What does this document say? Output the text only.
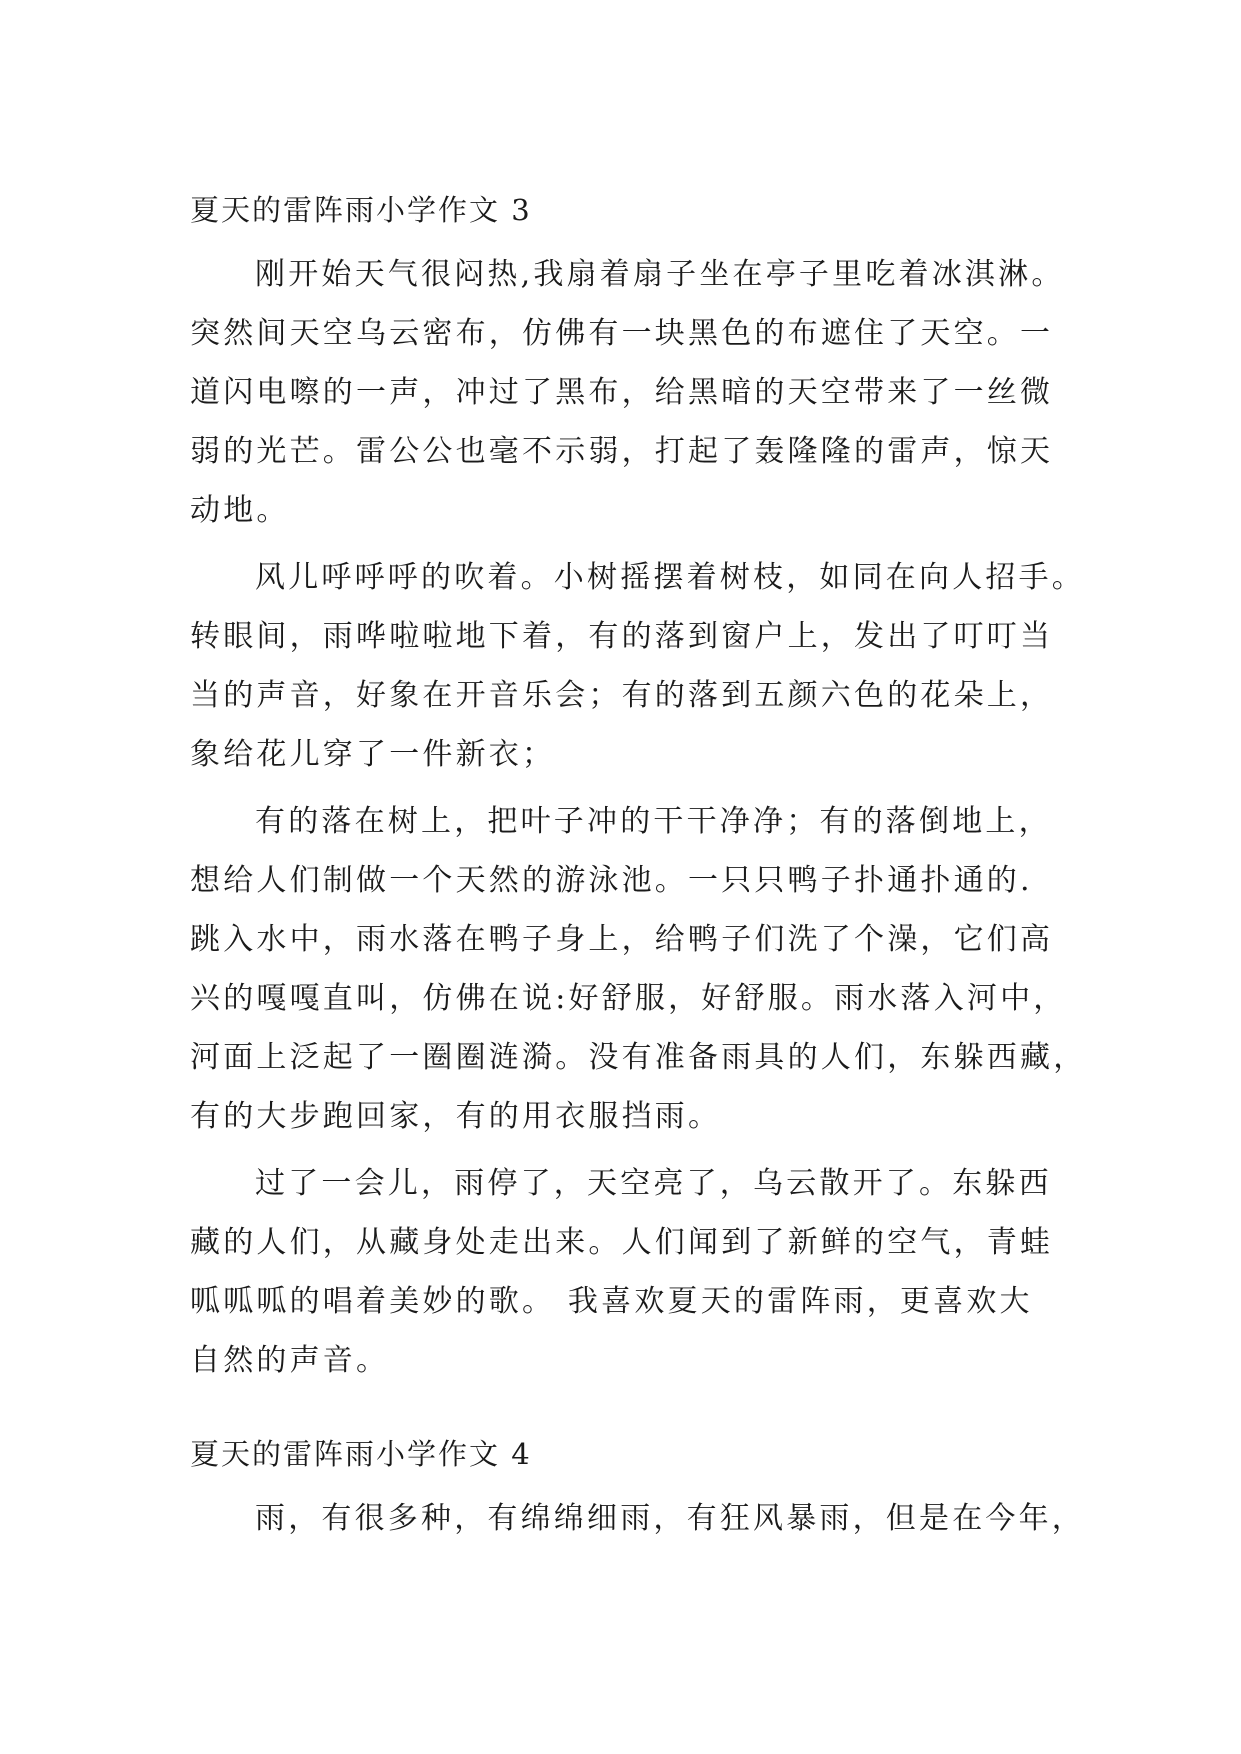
夏天的雷阵雨小学作文 3
刚开始天气很闷热,我扇着扇子坐在亭子里吃着冰淇淋。
突然间天空乌云密布，仿佛有一块黑色的布遮住了天空。一
道闪电嚓的一声，冲过了黑布，给黑暗的天空带来了一丝微
弱的光芒。雷公公也毫不示弱，打起了轰隆隆的雷声，惊天
动地。
风儿呼呼呼的吹着。小树摇摆着树枝，如同在向人招手。
转眼间，雨哗啦啦地下着，有的落到窗户上，发出了叮叮当
当的声音，好象在开音乐会；有的落到五颜六色的花朵上，
象给花儿穿了一件新衣；
有的落在树上，把叶子冲的干干净净；有的落倒地上，
想给人们制做一个天然的游泳池。一只只鸭子扑通扑通的.
跳入水中，雨水落在鸭子身上，给鸭子们洗了个澡，它们高
兴的嘎嘎直叫，仿佛在说:好舒服，好舒服。雨水落入河中，
河面上泛起了一圈圈涟漪。没有准备雨具的人们，东躲西藏，
有的大步跑回家，有的用衣服挡雨。
过了一会儿，雨停了，天空亮了，乌云散开了。东躲西
藏的人们，从藏身处走出来。人们闻到了新鲜的空气，青蛙
呱呱呱的唱着美妙的歌。 我喜欢夏天的雷阵雨，更喜欢大
自然的声音。
夏天的雷阵雨小学作文 4
雨，有很多种，有绵绵细雨，有狂风暴雨，但是在今年，
